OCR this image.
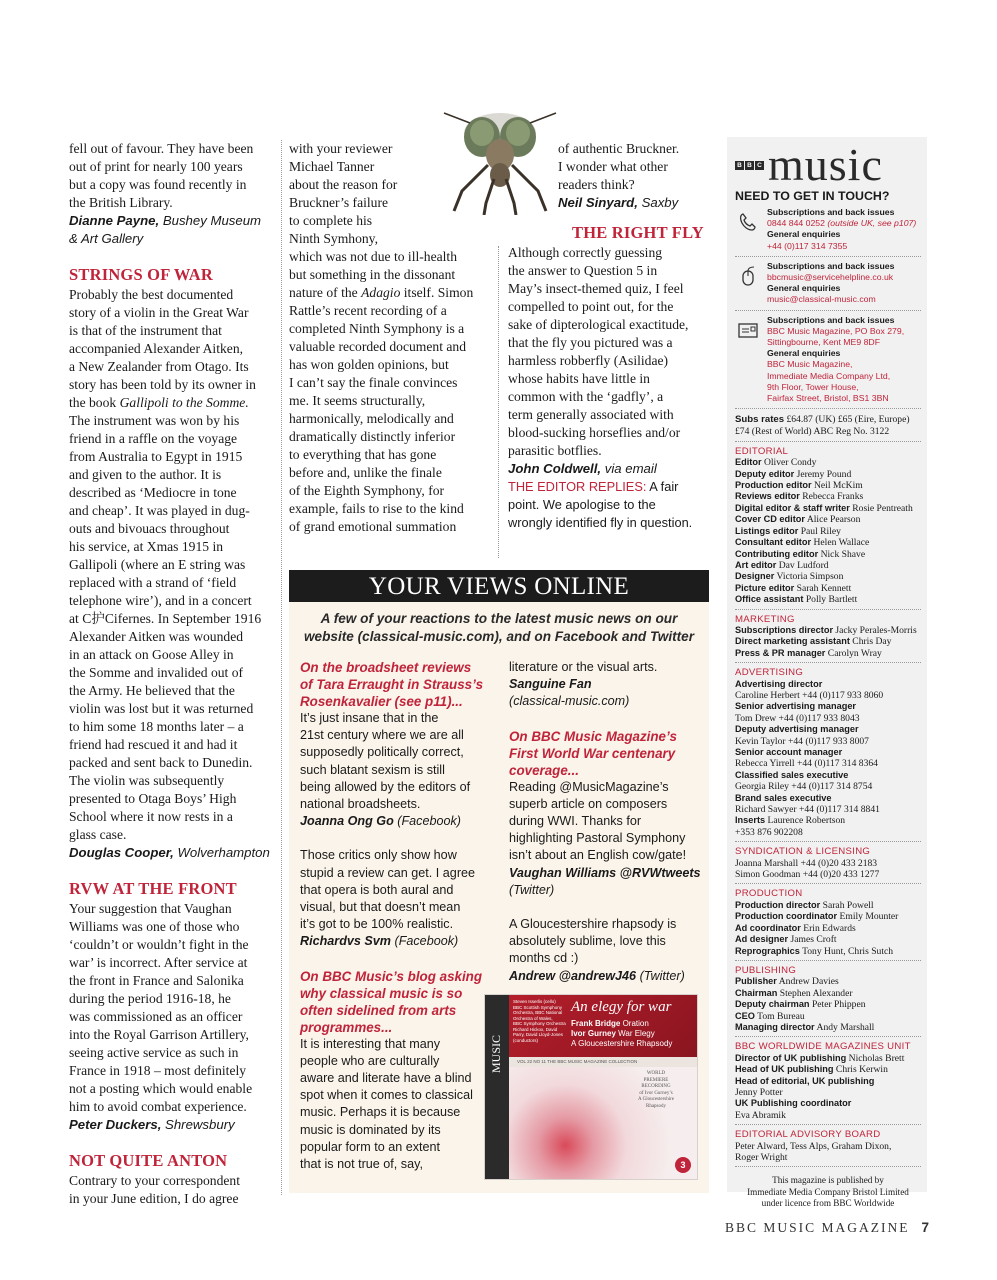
fell out of favour. They have been
out of print for nearly 100 years
but a copy was found recently in
the British Library.
Dianne Payne, Bushey Museum
& Art Gallery
STRINGS OF WAR
Probably the best documented
story of a violin in the Great War
is that of the instrument that
accompanied Alexander Aitken,
a New Zealander from Otago. Its
story has been told by its owner in
the book Gallipoli to the Somme.
The instrument was won by his
friend in a raffle on the voyage
from Australia to Egypt in 1915
and given to the author. It is
described as ‘Mediocre in tone
and cheap’. It was played in dug-
outs and bivouacs throughout
his service, at Xmas 1915 in
Gallipoli (where an E string was
replaced with a strand of ‘field
telephone wire’), and in a concert
at C护Cifernes. In September 1916
Alexander Aitken was wounded
in an attack on Goose Alley in
the Somme and invalided out of
the Army. He believed that the
violin was lost but it was returned
to him some 18 months later – a
friend had rescued it and had it
packed and sent back to Dunedin.
The violin was subsequently
presented to Otaga Boys’ High
School where it now rests in a
glass case.
Douglas Cooper, Wolverhampton
RVW AT THE FRONT
Your suggestion that Vaughan
Williams was one of those who
‘couldn’t or wouldn’t fight in the
war’ is incorrect. After service at
the front in France and Salonika
during the period 1916-18, he
was commissioned as an officer
into the Royal Garrison Artillery,
seeing active service as such in
France in 1918 – most definitely
not a posting which would enable
him to avoid combat experience.
Peter Duckers, Shrewsbury
NOT QUITE ANTON
Contrary to your correspondent
in your June edition, I do agree
with your reviewer
Michael Tanner
about the reason for
Bruckner’s failure
to complete his
Ninth Symhony,
which was not due to ill-health
but something in the dissonant
nature of the Adagio itself. Simon
Rattle’s recent recording of a
completed Ninth Symphony is a
valuable recorded document and
has won golden opinions, but
I can’t say the finale convinces
me. It seems structurally,
harmonically, melodically and
dramatically distinctly inferior
to everything that has gone
before and, unlike the finale
of the Eighth Symphony, for
example, fails to rise to the kind
of grand emotional summation
of authentic Bruckner.
I wonder what other
readers think?
Neil Sinyard, Saxby
THE RIGHT FLY
Although correctly guessing
the answer to Question 5 in
May’s insect-themed quiz, I feel
compelled to point out, for the
sake of dipterological exactitude,
that the fly you pictured was a
harmless robberfly (Asilidae)
whose habits have little in
common with the ‘gadfly’, a
term generally associated with
blood-sucking horseflies and/or
parasitic botflies.
John Coldwell, via email
THE EDITOR REPLIES: A fair
point. We apologise to the
wrongly identified fly in question.
YOUR VIEWS ONLINE
A few of your reactions to the latest music news on our
website (classical-music.com), and on Facebook and Twitter
On the broadsheet reviews
of Tara Erraught in Strauss’s
Rosenkavalier (see p11)...
It’s just insane that in the
21st century where we are all
supposedly politically correct,
such blatant sexism is still
being allowed by the editors of
national broadsheets.
Joanna Ong Go (Facebook)
Those critics only show how
stupid a review can get. I agree
that opera is both aural and
visual, but that doesn’t mean
it’s got to be 100% realistic.
Richardvs Svm (Facebook)
On BBC Music’s blog asking
why classical music is so
often sidelined from arts
programmes...
It is interesting that many
people who are culturally
aware and literate have a blind
spot when it comes to classical
music. Perhaps it is because
music is dominated by its
popular form to an extent
that is not true of, say,
literature or the visual arts.
Sanguine Fan
(classical-music.com)
On BBC Music Magazine’s
First World War centenary
coverage...
Reading @MusicMagazine’s
superb article on composers
during WWI. Thanks for
highlighting Pastoral Symphony
isn’t about an English cow/gate!
Vaughan Williams @RVWtweets
(Twitter)
A Gloucestershire rhapsody is
absolutely sublime, love this
months cd :)
Andrew @andrewJ46 (Twitter)
MUSIC
Steven Isserlis (cello)
BBC Scottish Symphony
Orchestra, BBC National
Orchestra of Wales,
BBC Symphony Orchestra
Richard Hickox, David
Parry, David Lloyd-Jones
(conductors)
An elegy for war
Frank Bridge Oration
Ivor Gurney War Elegy
A Gloucestershire Rhapsody
VOL 22 NO 11 THE BBC MUSIC MAGAZINE COLLECTION
WORLD
PREMIERE
RECORDING
of Ivor Gurney’s
A Gloucestershire
Rhapsody
3
B B C music
NEED TO GET IN TOUCH?
Subscriptions and back issues
0844 844 0252 (outside UK, see p107)
General enquiries
+44 (0)117 314 7355
Subscriptions and back issues
bbcmusic@servicehelpline.co.uk
General enquiries
music@classical-music.com
Subscriptions and back issues
BBC Music Magazine, PO Box 279,
Sittingbourne, Kent ME9 8DF
General enquiries
BBC Music Magazine,
Immediate Media Company Ltd,
9th Floor, Tower House,
Fairfax Street, Bristol, BS1 3BN
Subs rates £64.87 (UK) £65 (Eire, Europe)
£74 (Rest of World) ABC Reg No. 3122
EDITORIAL
Editor Oliver Condy
Deputy editor Jeremy Pound
Production editor Neil McKim
Reviews editor Rebecca Franks
Digital editor & staff writer Rosie Pentreath
Cover CD editor Alice Pearson
Listings editor Paul Riley
Consultant editor Helen Wallace
Contributing editor Nick Shave
Art editor Dav Ludford
Designer Victoria Simpson
Picture editor Sarah Kennett
Office assistant Polly Bartlett
MARKETING
Subscriptions director Jacky Perales-Morris
Direct marketing assistant Chris Day
Press & PR manager Carolyn Wray
ADVERTISING
Advertising director
Caroline Herbert +44 (0)117 933 8060
Senior advertising manager
Tom Drew +44 (0)117 933 8043
Deputy advertising manager
Kevin Taylor +44 (0)117 933 8007
Senior account manager
Rebecca Yirrell +44 (0)117 314 8364
Classified sales executive
Georgia Riley +44 (0)117 314 8754
Brand sales executive
Richard Sawyer +44 (0)117 314 8841
Inserts Laurence Robertson
+353 876 902208
SYNDICATION & LICENSING
Joanna Marshall +44 (0)20 433 2183
Simon Goodman +44 (0)20 433 1277
PRODUCTION
Production director Sarah Powell
Production coordinator Emily Mounter
Ad coordinator Erin Edwards
Ad designer James Croft
Reprographics Tony Hunt, Chris Sutch
PUBLISHING
Publisher Andrew Davies
Chairman Stephen Alexander
Deputy chairman Peter Phippen
CEO Tom Bureau
Managing director Andy Marshall
BBC WORLDWIDE MAGAZINES UNIT
Director of UK publishing Nicholas Brett
Head of UK publishing Chris Kerwin
Head of editorial, UK publishing
Jenny Potter
UK Publishing coordinator
Eva Abramik
EDITORIAL ADVISORY BOARD
Peter Alward, Tess Alps, Graham Dixon,
Roger Wright
This magazine is published by
Immediate Media Company Bristol Limited
under licence from BBC Worldwide
BBC MUSIC MAGAZINE 7
